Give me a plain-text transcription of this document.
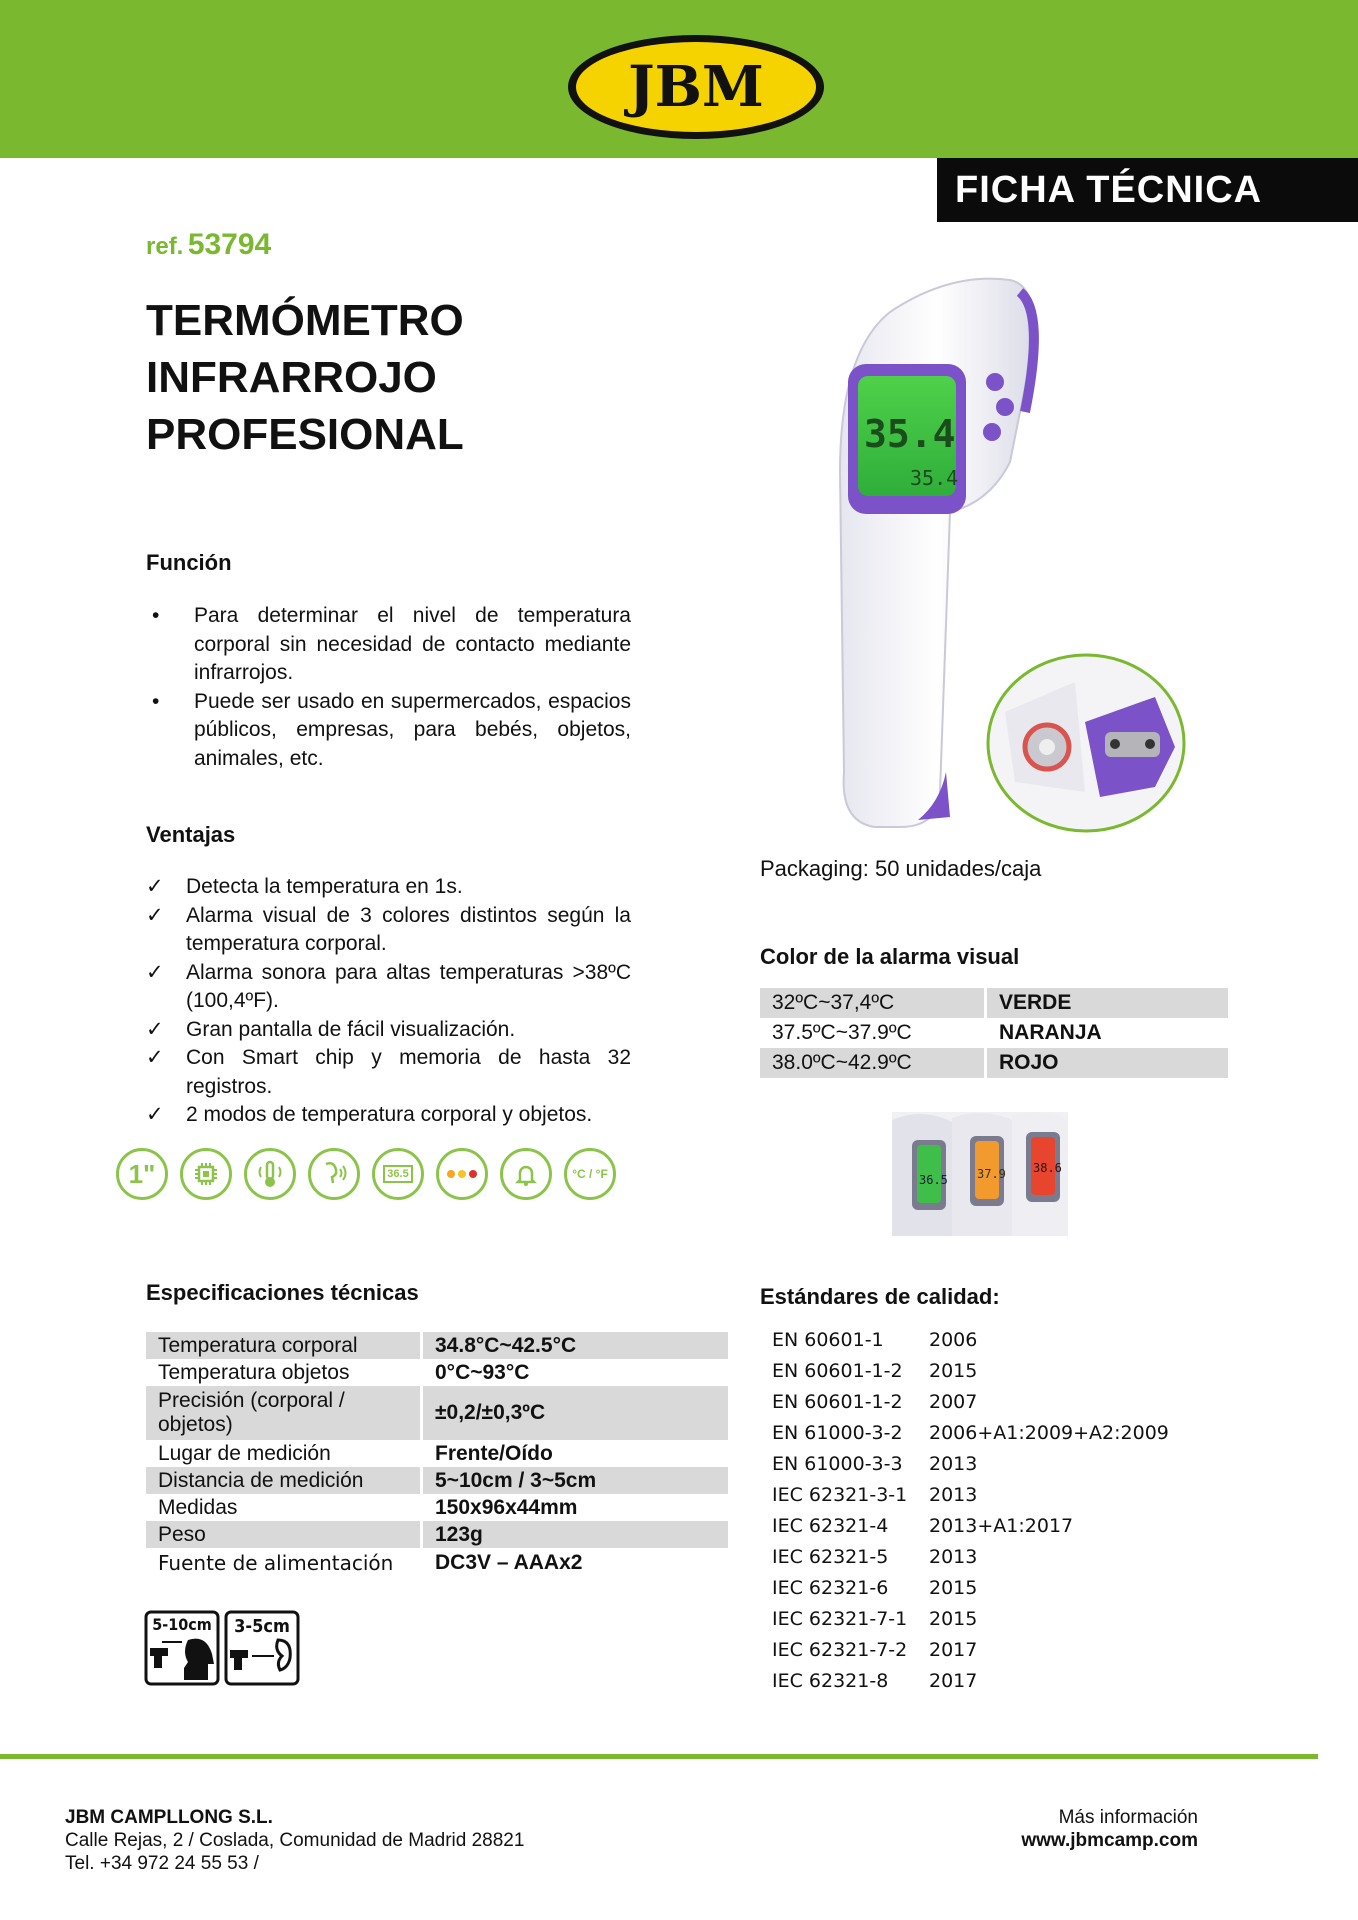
JBM
FICHA TÉCNICA
ref. 53794
TERMÓMETRO
INFRARROJO
PROFESIONAL
Función
• Para determinar el nivel de temperatura corporal sin necesidad de contacto mediante infrarrojos.
• Puede ser usado en supermercados, espacios públicos, empresas, para bebés, objetos, animales, etc.
Ventajas
✓ Detecta la temperatura en 1s.
✓ Alarma visual de 3 colores distintos según la temperatura corporal.
✓ Alarma sonora para altas temperaturas >38ºC (100,4ºF).
✓ Gran pantalla de fácil visualización.
✓ Con Smart chip y memoria de hasta 32 registros.
✓ 2 modos de temperatura corporal y objetos.
1"	36.5	°C / °F
35.4
35.4
Packaging: 50 unidades/caja
Color de la alarma visual
32ºC~37,4ºC	VERDE
37.5ºC~37.9ºC	NARANJA
38.0ºC~42.9ºC	ROJO
36.5 37.9 38.6
Especificaciones técnicas
Temperatura corporal	34.8°C~42.5°C
Temperatura objetos	0°C~93°C
Precisión (corporal / objetos)	±0,2/±0,3ºC
Lugar de medición	Frente/Oído
Distancia de medición	5~10cm / 3~5cm
Medidas	150x96x44mm
Peso	123g
Fuente de alimentación	DC3V – AAAx2
5-10cm 3-5cm
Estándares de calidad:
EN 60601-1 2006
EN 60601-1-2 2015
EN 60601-1-2 2007
EN 61000-3-2 2006+A1:2009+A2:2009
EN 61000-3-3 2013
IEC 62321-3-1 2013
IEC 62321-4 2013+A1:2017
IEC 62321-5 2013
IEC 62321-6 2015
IEC 62321-7-1 2015
IEC 62321-7-2 2017
IEC 62321-8 2017
JBM CAMPLLONG S.L.
Calle Rejas, 2 / Coslada, Comunidad de Madrid 28821
Tel. +34 972 24 55 53 /
Más información
www.jbmcamp.com
